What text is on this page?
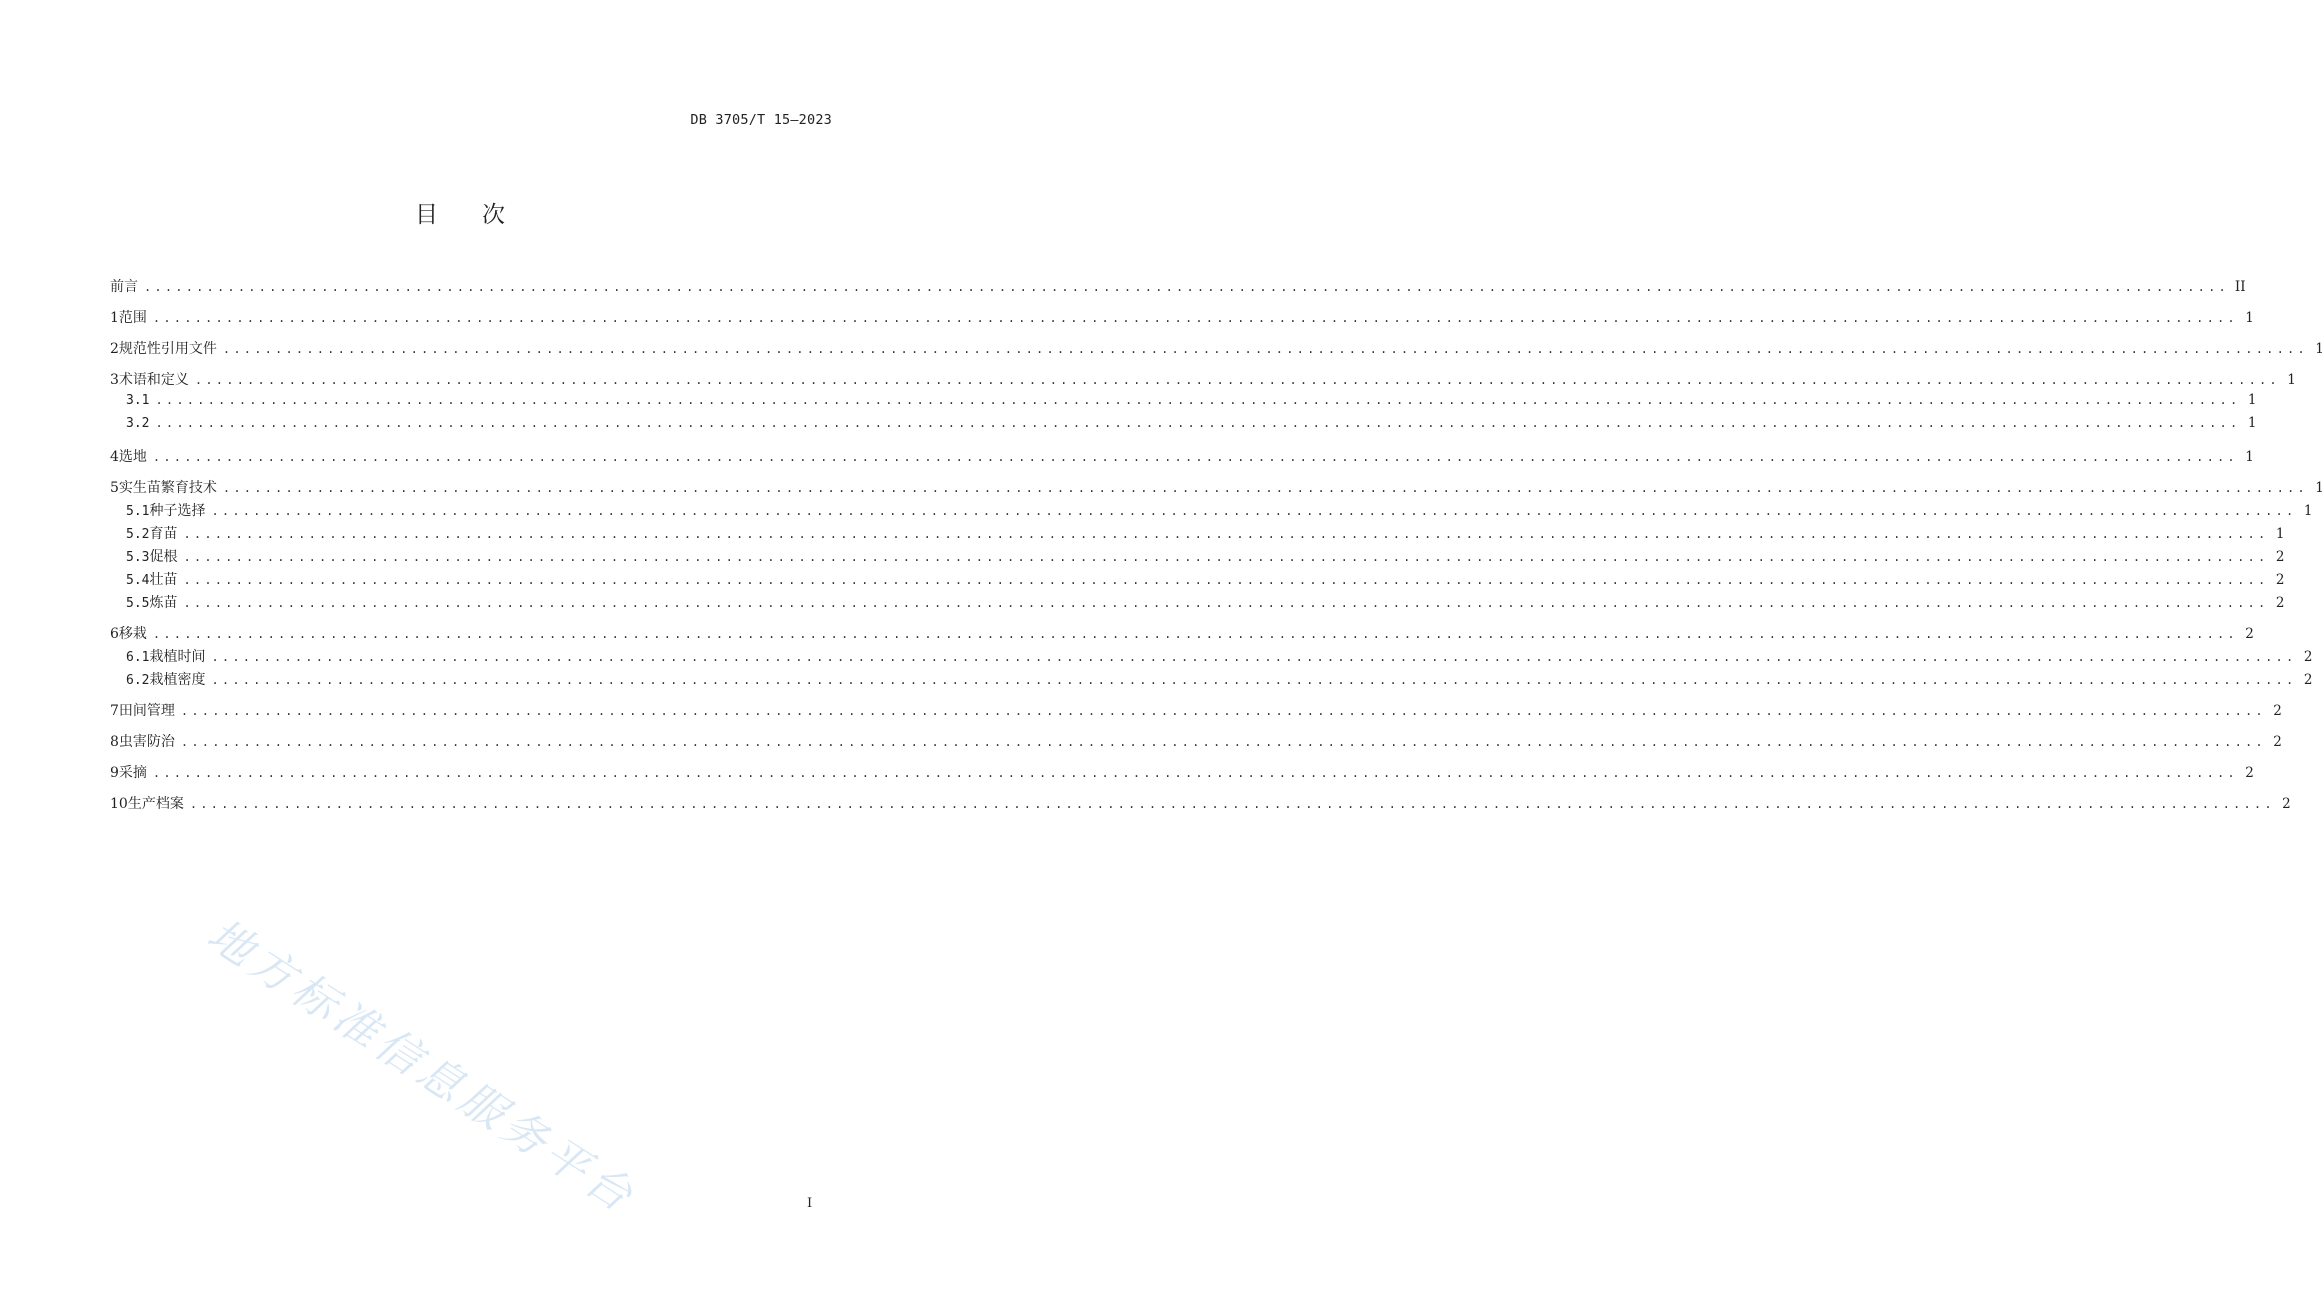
DB 3705/T 15—2023
目 次
前言 ........................................................................................................................................................................................................ II
1 范围 ........................................................................................................................................................................................................ 1
2 规范性引用文件 ........................................................................................................................................................................................................ 1
3 术语和定义 ........................................................................................................................................................................................................ 1
3.1 ........................................................................................................................................................................................................ 1
3.2 ........................................................................................................................................................................................................ 1
4 选地 ........................................................................................................................................................................................................ 1
5 实生苗繁育技术 ........................................................................................................................................................................................................ 1
5.1 种子选择 ........................................................................................................................................................................................................ 1
5.2 育苗 ........................................................................................................................................................................................................ 1
5.3 促根 ........................................................................................................................................................................................................ 2
5.4 壮苗 ........................................................................................................................................................................................................ 2
5.5 炼苗 ........................................................................................................................................................................................................ 2
6 移栽 ........................................................................................................................................................................................................ 2
6.1 栽植时间 ........................................................................................................................................................................................................ 2
6.2 栽植密度 ........................................................................................................................................................................................................ 2
7 田间管理 ........................................................................................................................................................................................................ 2
8 虫害防治 ........................................................................................................................................................................................................ 2
9 采摘 ........................................................................................................................................................................................................ 2
10 生产档案 ........................................................................................................................................................................................................ 2
I
地方标准信息服务平台
